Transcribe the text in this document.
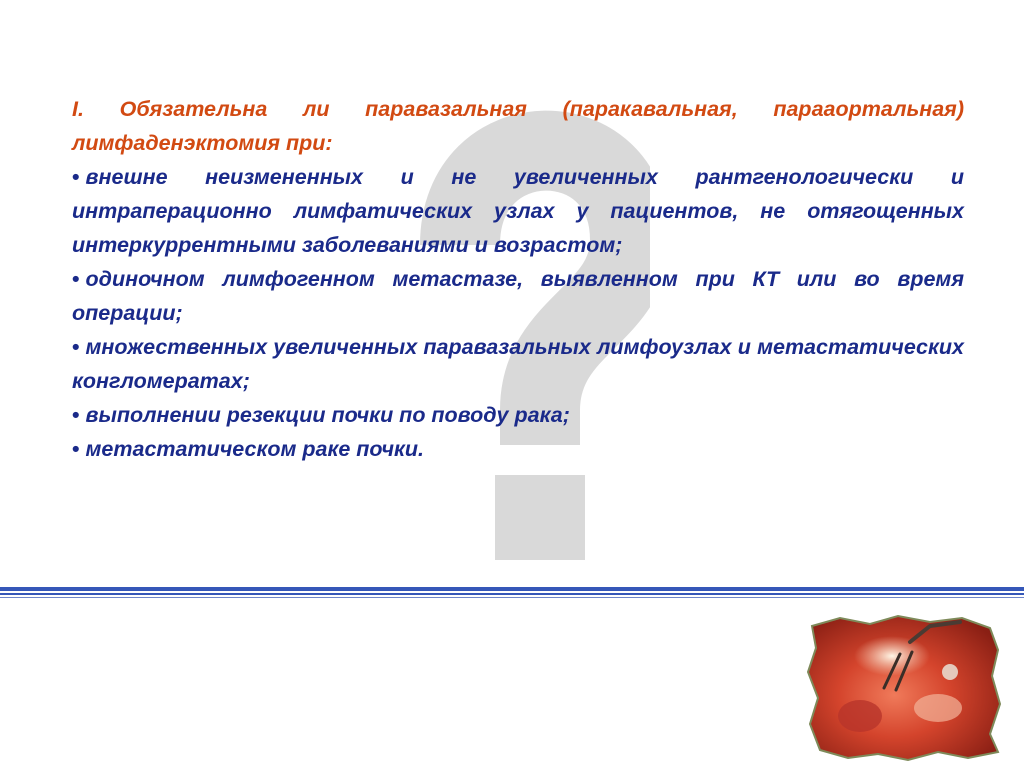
I. Обязательна ли паравазальная (паракавальная, парааортальная) лимфаденэктомия при:

• внешне неизмененных и не увеличенных рантгенологически и интраперационно лимфатических узлах у пациентов, не отягощенных интеркуррентными заболеваниями и возрастом;

• одиночном лимфогенном метастазе, выявленном при КТ или во время операции;

• множественных увеличенных паравазальных лимфоузлах и метастатических конгломератах;

• выполнении резекции почки по поводу рака;

• метастатическом раке почки.
